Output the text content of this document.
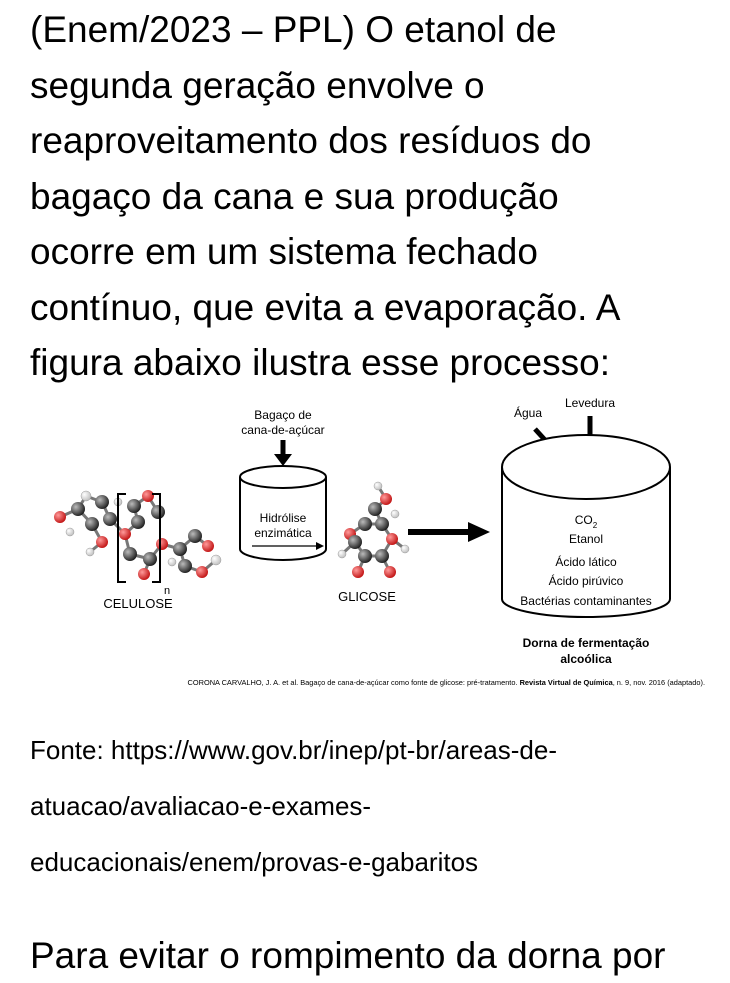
(Enem/2023 – PPL) O etanol de
segunda geração envolve o
reaproveitamento dos resíduos do
bagaço da cana e sua produção
ocorre em um sistema fechado
contínuo, que evita a evaporação. A
figura abaixo ilustra esse processo:
n
CELULOSE
Bagaço de
cana-de-açúcar
Hidrólise
enzimática
GLICOSE
Água
Levedura
$CO_2$
Etanol
Ácido lático
Ácido pirúvico
Bactérias contaminantes
Dorna de fermentação
alcoólica
CORONA CARVALHO, J. A. et al. Bagaço de cana-de-açúcar como fonte de glicose: pré-tratamento. Revista Virtual de Química, n. 9, nov. 2016 (adaptado).
Fonte: https://www.gov.br/inep/pt-br/areas-de-
atuacao/avaliacao-e-exames-
educacionais/enem/provas-e-gabaritos
Para evitar o rompimento da dorna por
